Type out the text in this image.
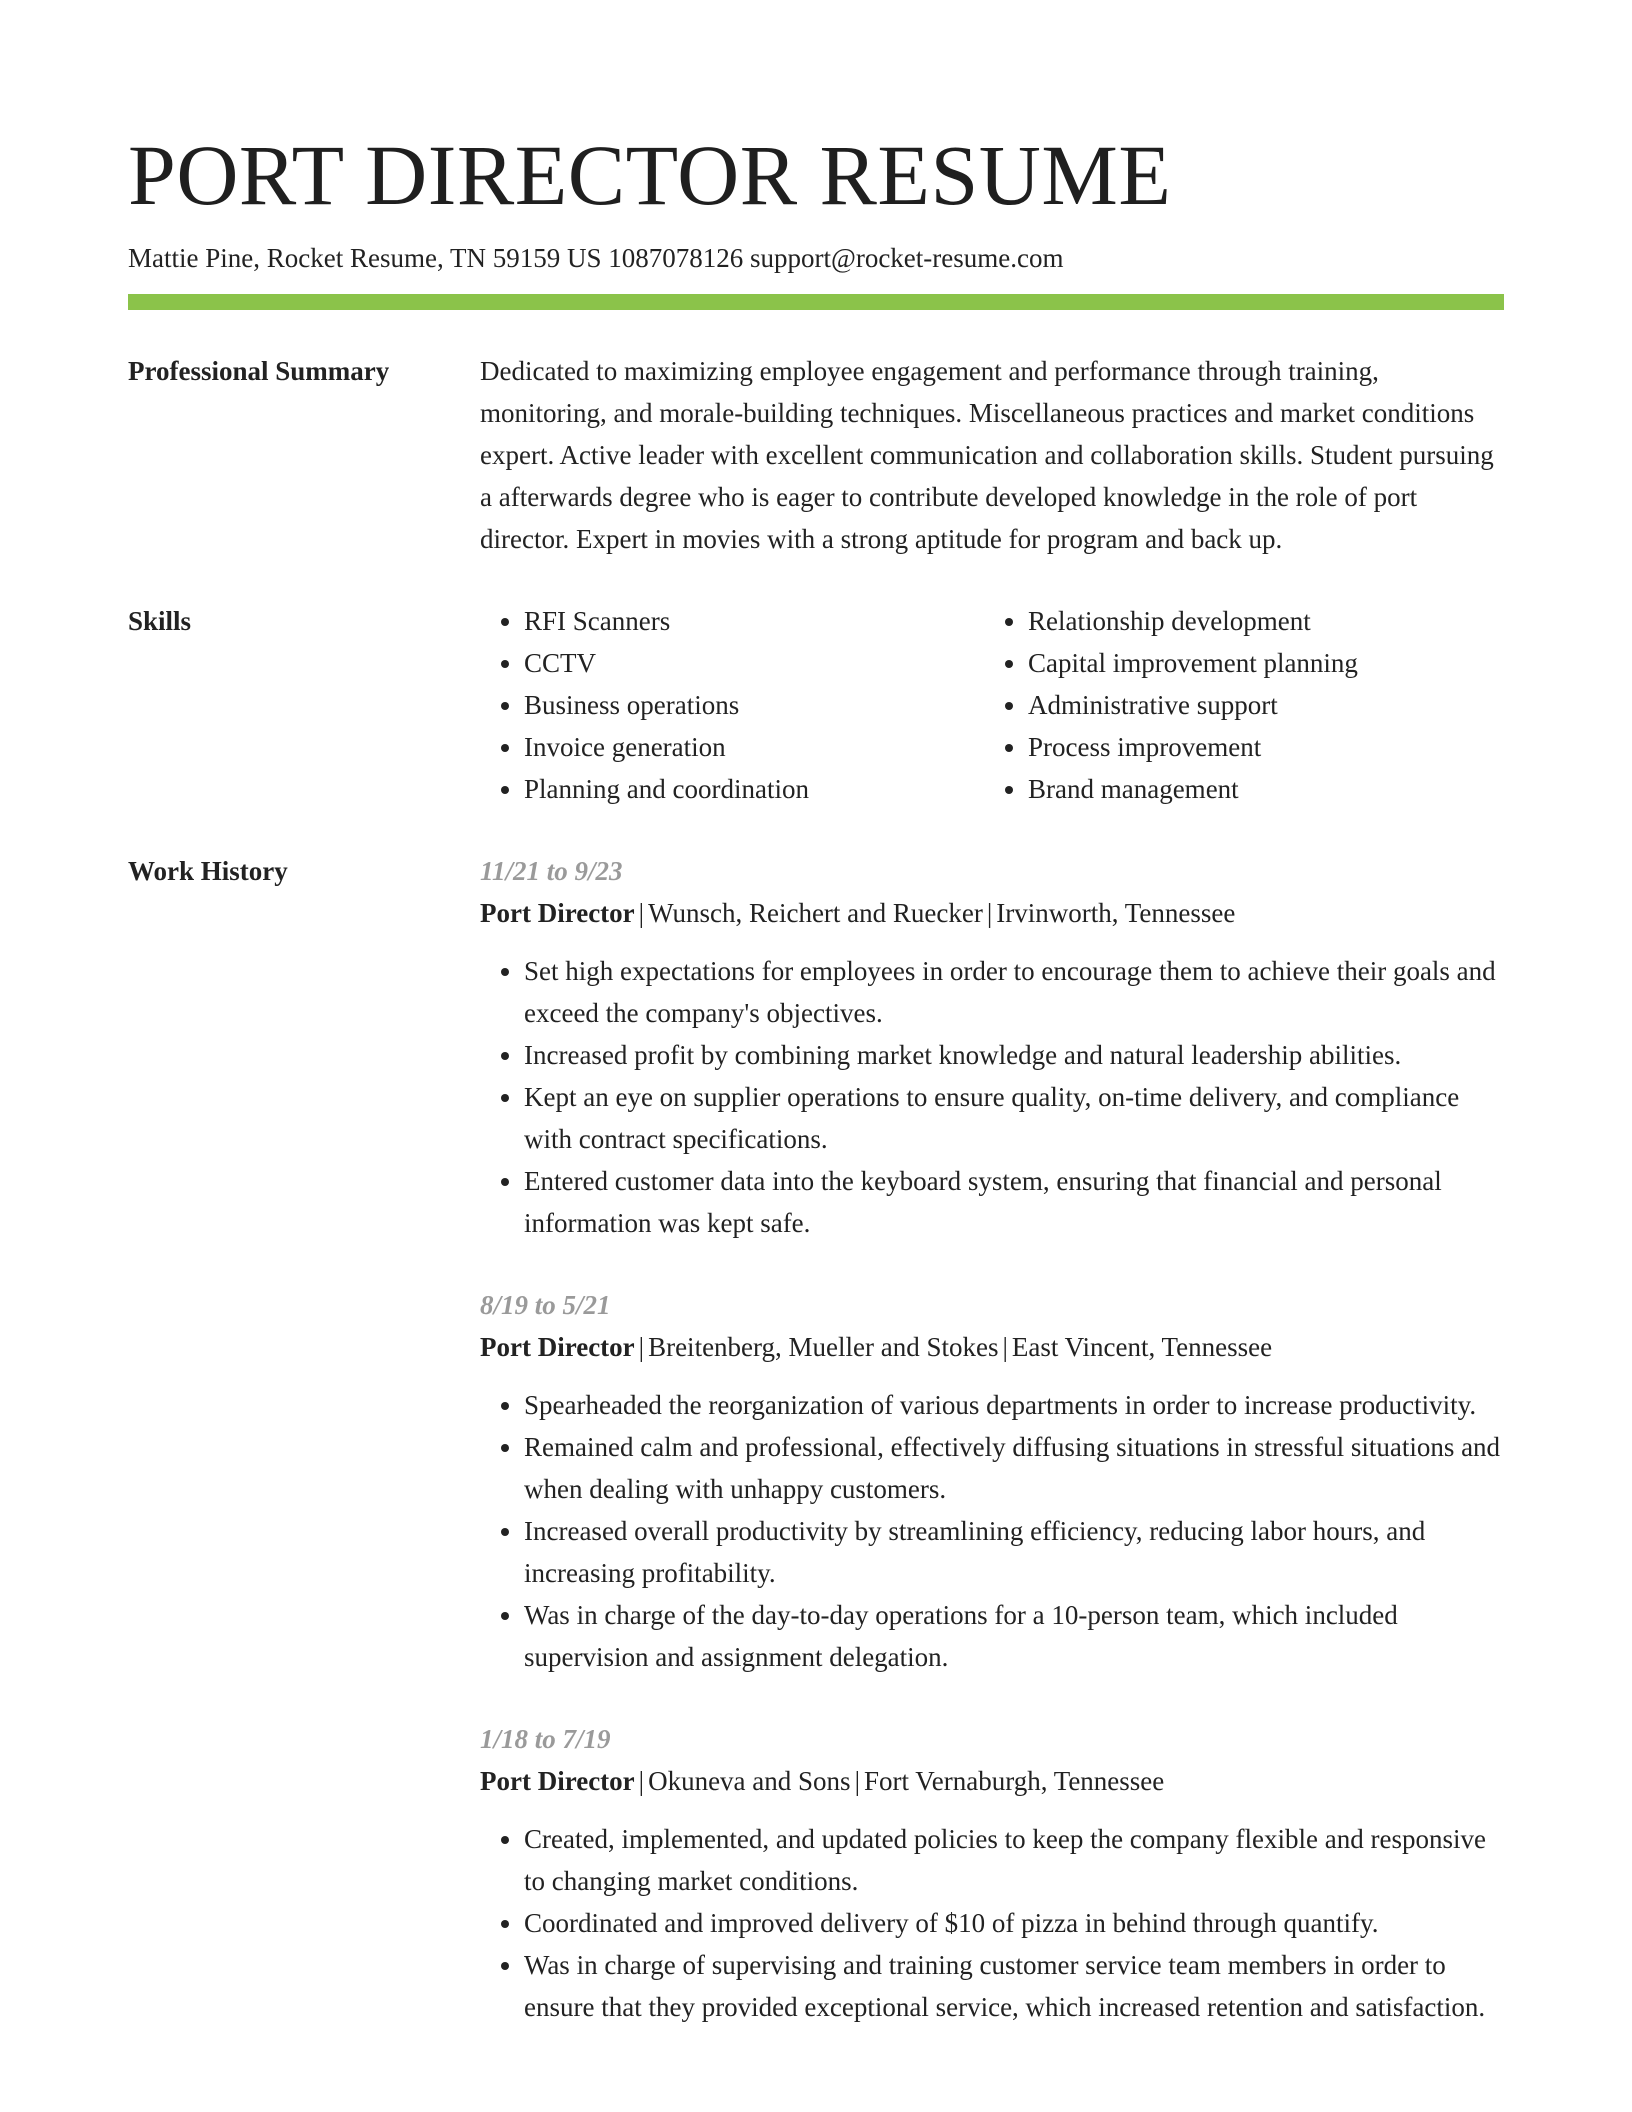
PORT DIRECTOR RESUME
Mattie Pine, Rocket Resume, TN 59159 US 1087078126 support@rocket-resume.com
Professional Summary	Dedicated to maximizing employee engagement and performance through training, monitoring, and morale-building techniques. Miscellaneous practices and market conditions expert. Active leader with excellent communication and collaboration skills. Student pursuing a afterwards degree who is eager to contribute developed knowledge in the role of port director. Expert in movies with a strong aptitude for program and back up.

Skills
•	RFI Scanners
• CCTV
• Business operations
• Invoice generation
• Planning and coordination
• Relationship development
• Capital improvement planning
• Administrative support
• Process improvement
• Brand management
Work History	11/21 to 9/23
Port Director | Wunsch, Reichert and Ruecker | Irvinworth, Tennessee
• Set high expectations for employees in order to encourage them to achieve their goals and exceed the company's objectives.
• Increased profit by combining market knowledge and natural leadership abilities.
• Kept an eye on supplier operations to ensure quality, on-time delivery, and compliance with contract specifications.
• Entered customer data into the keyboard system, ensuring that financial and personal information was kept safe.
8/19 to 5/21
Port Director | Breitenberg, Mueller and Stokes | East Vincent, Tennessee
• Spearheaded the reorganization of various departments in order to increase productivity.
• Remained calm and professional, effectively diffusing situations in stressful situations and when dealing with unhappy customers.
• Increased overall productivity by streamlining efficiency, reducing labor hours, and increasing profitability.
• Was in charge of the day-to-day operations for a 10-person team, which included supervision and assignment delegation.
1/18 to 7/19
Port Director | Okuneva and Sons | Fort Vernaburgh, Tennessee
• Created, implemented, and updated policies to keep the company flexible and responsive to changing market conditions.
• Coordinated and improved delivery of $10 of pizza in behind through quantify.
• Was in charge of supervising and training customer service team members in order to ensure that they provided exceptional service, which increased retention and satisfaction.
